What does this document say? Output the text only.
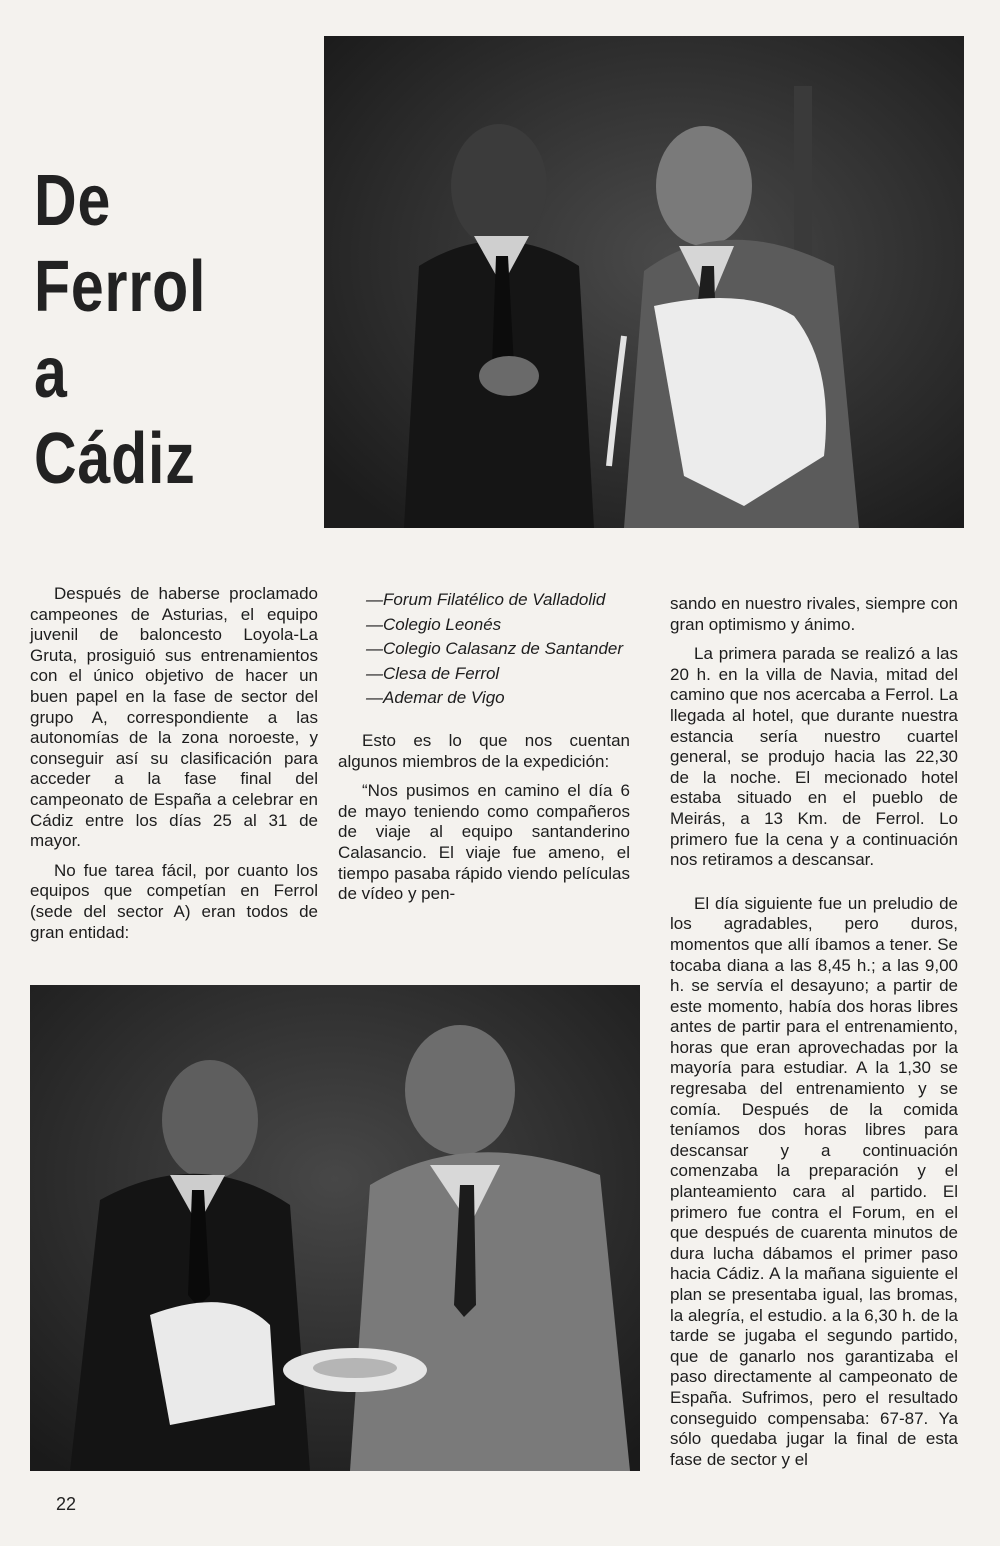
De
Ferrol
a
Cádiz

Después de haberse proclamado campeones de Asturias, el equipo juvenil de baloncesto Loyola-La Gruta, prosiguió sus entrenamientos con el único objetivo de hacer un buen papel en la fase de sector del grupo A, correspondiente a las autonomías de la zona noroeste, y conseguir así su clasificación para acceder a la fase final del campeonato de España a celebrar en Cádiz entre los días 25 al 31 de mayor.

No fue tarea fácil, por cuanto los equipos que competían en Ferrol (sede del sector A) eran todos de gran entidad:

—Forum Filatélico de Valladolid
—Colegio Leonés
—Colegio Calasanz de Santander
—Clesa de Ferrol
—Ademar de Vigo

Esto es lo que nos cuentan algunos miembros de la expedición:

“Nos pusimos en camino el día 6 de mayo teniendo como compañeros de viaje al equipo santanderino Calasancio. El viaje fue ameno, el tiempo pasaba rápido viendo películas de vídeo y pen-

sando en nuestro rivales, siempre con gran optimismo y ánimo.

La primera parada se realizó a las 20 h. en la villa de Navia, mitad del camino que nos acercaba a Ferrol. La llegada al hotel, que durante nuestra estancia sería nuestro cuartel general, se produjo hacia las 22,30 de la noche. El mecionado hotel estaba situado en el pueblo de Meirás, a 13 Km. de Ferrol. Lo primero fue la cena y a continuación nos retiramos a descansar.

El día siguiente fue un preludio de los agradables, pero duros, momentos que allí íbamos a tener. Se tocaba diana a las 8,45 h.; a las 9,00 h. se servía el desayuno; a partir de este momento, había dos horas libres antes de partir para el entrenamiento, horas que eran aprovechadas por la mayoría para estudiar. A la 1,30 se regresaba del entrenamiento y se comía. Después de la comida teníamos dos horas libres para descansar y a continuación comenzaba la preparación y el planteamiento cara al partido. El primero fue contra el Forum, en el que después de cuarenta minutos de dura lucha dábamos el primer paso hacia Cádiz. A la mañana siguiente el plan se presentaba igual, las bromas, la alegría, el estudio. a la 6,30 h. de la tarde se jugaba el segundo partido, que de ganarlo nos garantizaba el paso directamente al campeonato de España. Sufrimos, pero el resultado conseguido compensaba: 67-87. Ya sólo quedaba jugar la final de esta fase de sector y el

22
